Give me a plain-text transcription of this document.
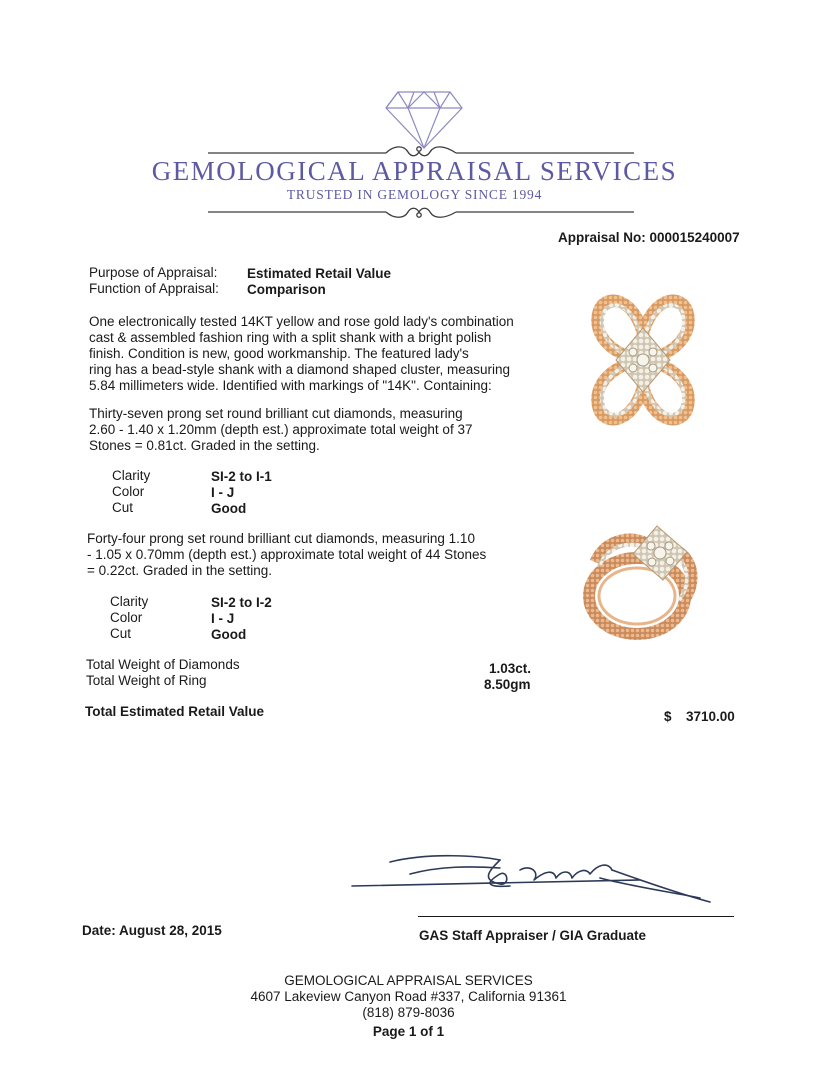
GEMOLOGICAL APPRAISAL SERVICES
TRUSTED IN GEMOLOGY SINCE 1994
Appraisal No: 000015240007
Purpose of Appraisal: Estimated Retail Value
Function of Appraisal: Comparison
One electronically tested 14KT yellow and rose gold lady's combination
cast & assembled fashion ring with a split shank with a bright polish
finish. Condition is new, good workmanship. The featured lady's
ring has a bead-style shank with a diamond shaped cluster, measuring
5.84 millimeters wide. Identified with markings of "14K". Containing:
Thirty-seven prong set round brilliant cut diamonds, measuring
2.60 - 1.40 x 1.20mm (depth est.) approximate total weight of 37
Stones = 0.81ct. Graded in the setting.
Clarity	SI-2 to I-1
Color	I - J
Cut	Good
Forty-four prong set round brilliant cut diamonds, measuring 1.10
- 1.05 x 0.70mm (depth est.) approximate total weight of 44 Stones
= 0.22ct. Graded in the setting.
Clarity	SI-2 to I-2
Color	I - J
Cut	Good
Total Weight of Diamonds	1.03ct.
Total Weight of Ring	8.50gm
Total Estimated Retail Value	$ 3710.00
Date: August 28, 2015	GAS Staff Appraiser / GIA Graduate
GEMOLOGICAL APPRAISAL SERVICES
4607 Lakeview Canyon Road #337, California 91361
(818) 879-8036
Page 1 of 1
